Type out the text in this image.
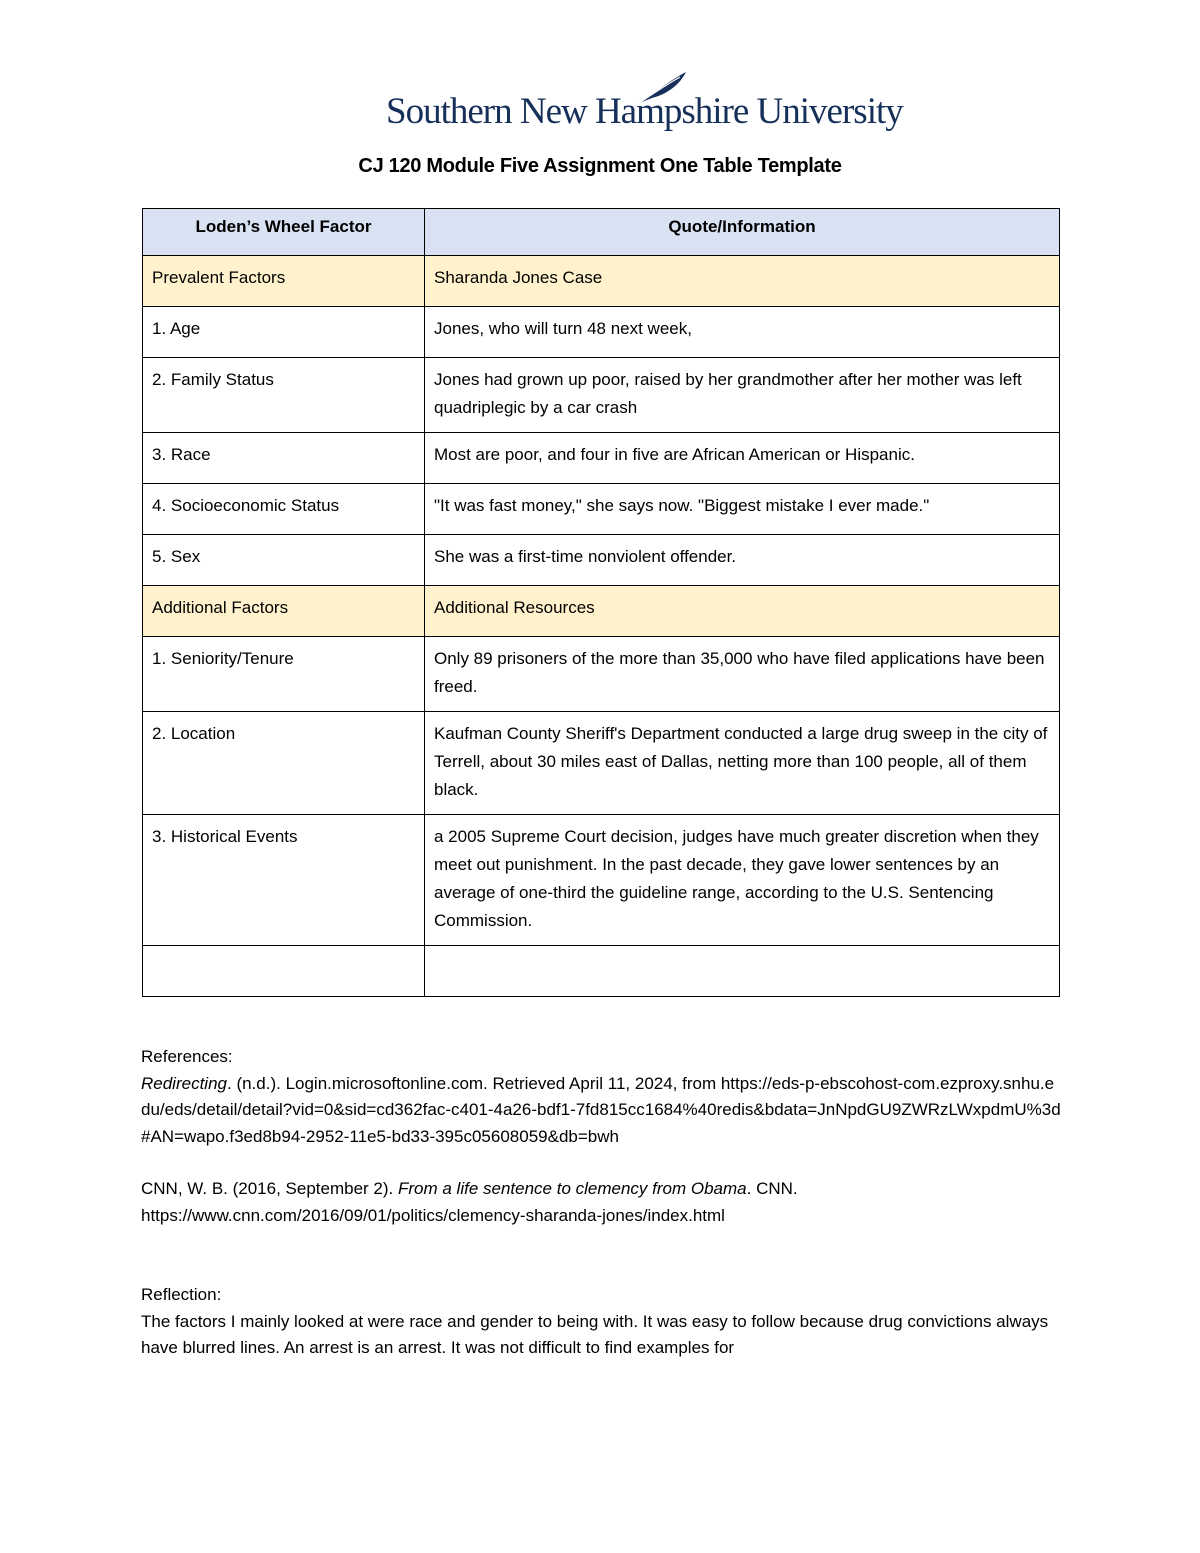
Southern New Hampshire University
CJ 120 Module Five Assignment One Table Template
Loden’s Wheel Factor	Quote/Information
Prevalent Factors	Sharanda Jones Case
1. Age	Jones, who will turn 48 next week,
2. Family Status	Jones had grown up poor, raised by her grandmother after her mother was left quadriplegic by a car crash
3. Race	Most are poor, and four in five are African American or Hispanic.
4. Socioeconomic Status	"It was fast money," she says now. "Biggest mistake I ever made."
5. Sex	She was a first-time nonviolent offender.
Additional Factors	Additional Resources
1. Seniority/Tenure	Only 89 prisoners of the more than 35,000 who have filed applications have been freed.
2. Location	Kaufman County Sheriff's Department conducted a large drug sweep in the city of Terrell, about 30 miles east of Dallas, netting more than 100 people, all of them black.
3. Historical Events	a 2005 Supreme Court decision, judges have much greater discretion when they meet out punishment. In the past decade, they gave lower sentences by an average of one-third the guideline range, according to the U.S. Sentencing Commission.

References:

Redirecting. (n.d.). Login.microsoftonline.com. Retrieved April 11, 2024, from https://eds-p-ebscohost-com.ezproxy.snhu.edu/eds/detail/detail?vid=0&sid=cd362fac-c401-4a26-bdf1-7fd815cc1684%40redis&bdata=JnNpdGU9ZWRzLWxpdmU%3d#AN=wapo.f3ed8b94-2952-11e5-bd33-395c05608059&db=bwh

CNN, W. B. (2016, September 2). From a life sentence to clemency from Obama. CNN.

https://www.cnn.com/2016/09/01/politics/clemency-sharanda-jones/index.html

Reflection:

The factors I mainly looked at were race and gender to being with. It was easy to follow because drug convictions always have blurred lines. An arrest is an arrest. It was not difficult to find examples for
